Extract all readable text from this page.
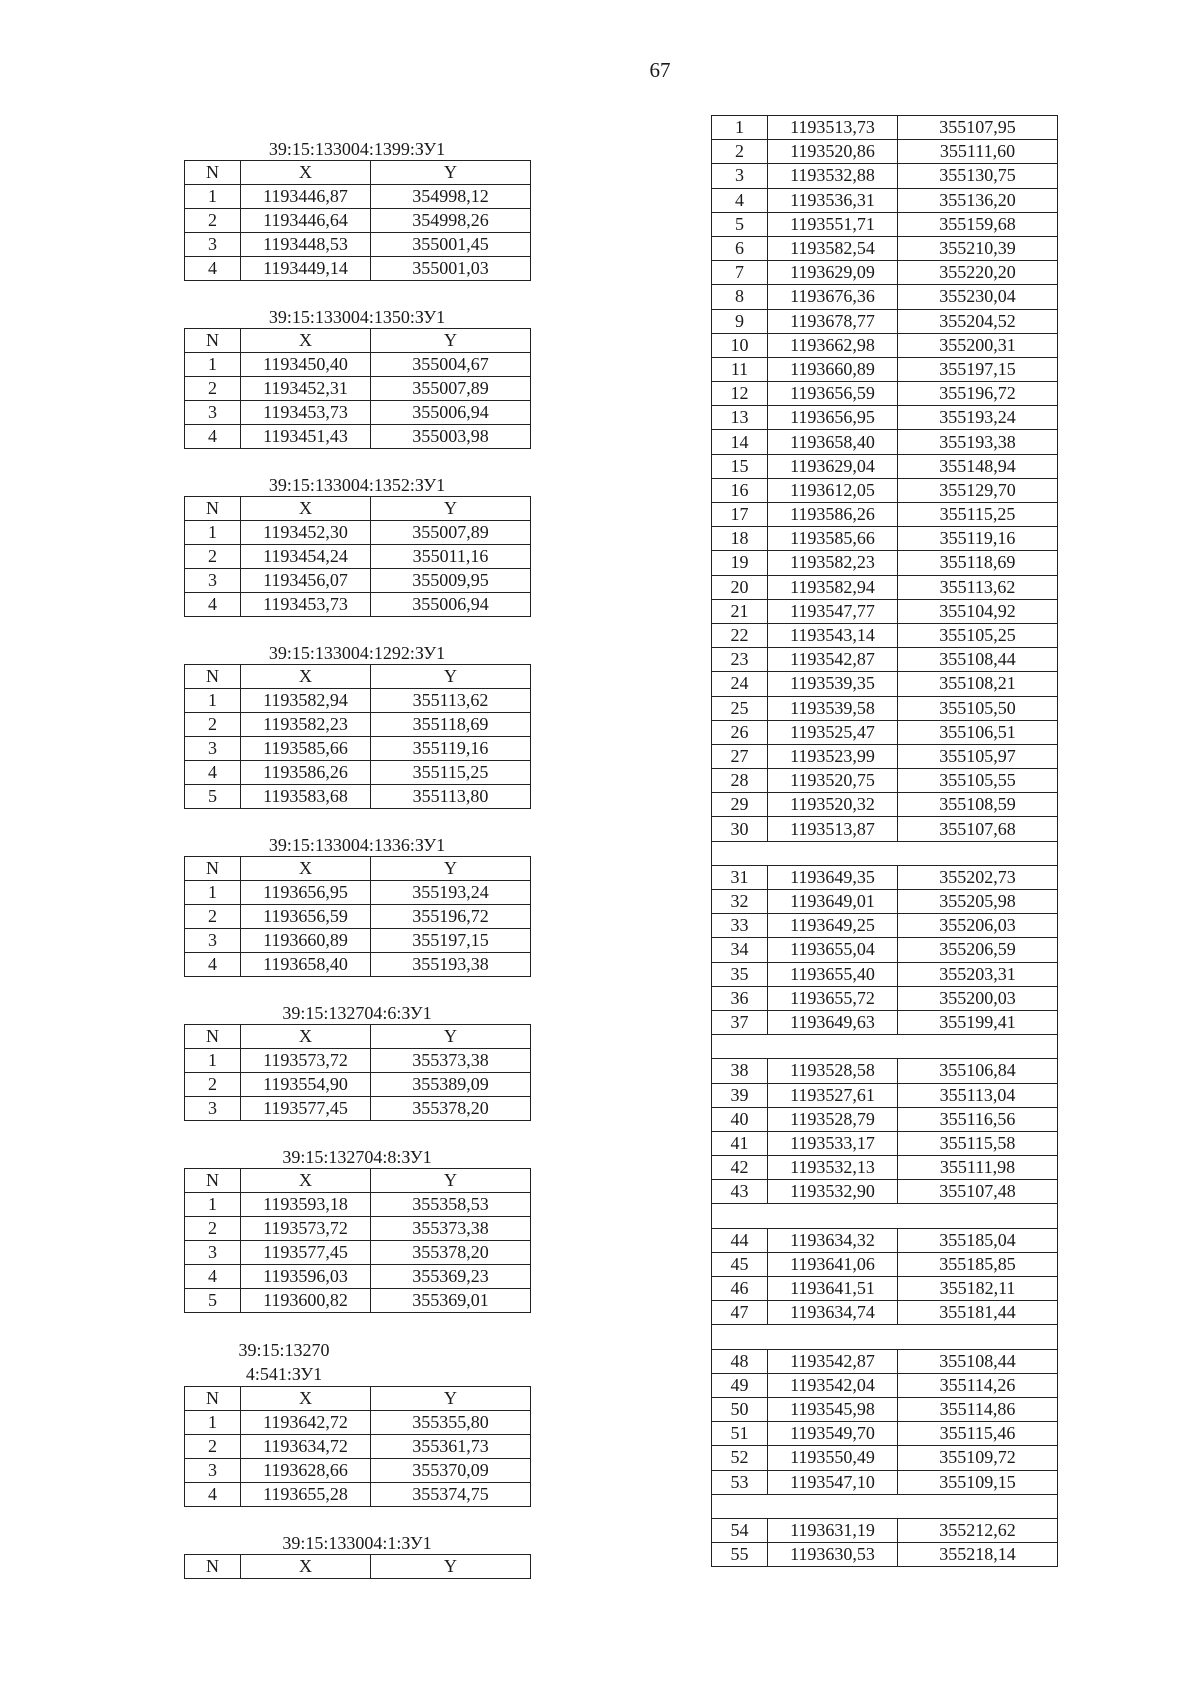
67
39:15:133004:1399:ЗУ1
N	X	Y
1	1193446,87	354998,12
2	1193446,64	354998,26
3	1193448,53	355001,45
4	1193449,14	355001,03
39:15:133004:1350:ЗУ1
N	X	Y
1	1193450,40	355004,67
2	1193452,31	355007,89
3	1193453,73	355006,94
4	1193451,43	355003,98
39:15:133004:1352:ЗУ1
N	X	Y
1	1193452,30	355007,89
2	1193454,24	355011,16
3	1193456,07	355009,95
4	1193453,73	355006,94
39:15:133004:1292:ЗУ1
N	X	Y
1	1193582,94	355113,62
2	1193582,23	355118,69
3	1193585,66	355119,16
4	1193586,26	355115,25
5	1193583,68	355113,80
39:15:133004:1336:ЗУ1
N	X	Y
1	1193656,95	355193,24
2	1193656,59	355196,72
3	1193660,89	355197,15
4	1193658,40	355193,38
39:15:132704:6:ЗУ1
N	X	Y
1	1193573,72	355373,38
2	1193554,90	355389,09
3	1193577,45	355378,20
39:15:132704:8:ЗУ1
N	X	Y
1	1193593,18	355358,53
2	1193573,72	355373,38
3	1193577,45	355378,20
4	1193596,03	355369,23
5	1193600,82	355369,01
39:15:13270
4:541:ЗУ1
N	X	Y
1	1193642,72	355355,80
2	1193634,72	355361,73
3	1193628,66	355370,09
4	1193655,28	355374,75
39:15:133004:1:ЗУ1
N	X	Y
1	1193513,73	355107,95
2	1193520,86	355111,60
3	1193532,88	355130,75
4	1193536,31	355136,20
5	1193551,71	355159,68
6	1193582,54	355210,39
7	1193629,09	355220,20
8	1193676,36	355230,04
9	1193678,77	355204,52
10	1193662,98	355200,31
11	1193660,89	355197,15
12	1193656,59	355196,72
13	1193656,95	355193,24
14	1193658,40	355193,38
15	1193629,04	355148,94
16	1193612,05	355129,70
17	1193586,26	355115,25
18	1193585,66	355119,16
19	1193582,23	355118,69
20	1193582,94	355113,62
21	1193547,77	355104,92
22	1193543,14	355105,25
23	1193542,87	355108,44
24	1193539,35	355108,21
25	1193539,58	355105,50
26	1193525,47	355106,51
27	1193523,99	355105,97
28	1193520,75	355105,55
29	1193520,32	355108,59
30	1193513,87	355107,68

31	1193649,35	355202,73
32	1193649,01	355205,98
33	1193649,25	355206,03
34	1193655,04	355206,59
35	1193655,40	355203,31
36	1193655,72	355200,03
37	1193649,63	355199,41

38	1193528,58	355106,84
39	1193527,61	355113,04
40	1193528,79	355116,56
41	1193533,17	355115,58
42	1193532,13	355111,98
43	1193532,90	355107,48

44	1193634,32	355185,04
45	1193641,06	355185,85
46	1193641,51	355182,11
47	1193634,74	355181,44

48	1193542,87	355108,44
49	1193542,04	355114,26
50	1193545,98	355114,86
51	1193549,70	355115,46
52	1193550,49	355109,72
53	1193547,10	355109,15

54	1193631,19	355212,62
55	1193630,53	355218,14
